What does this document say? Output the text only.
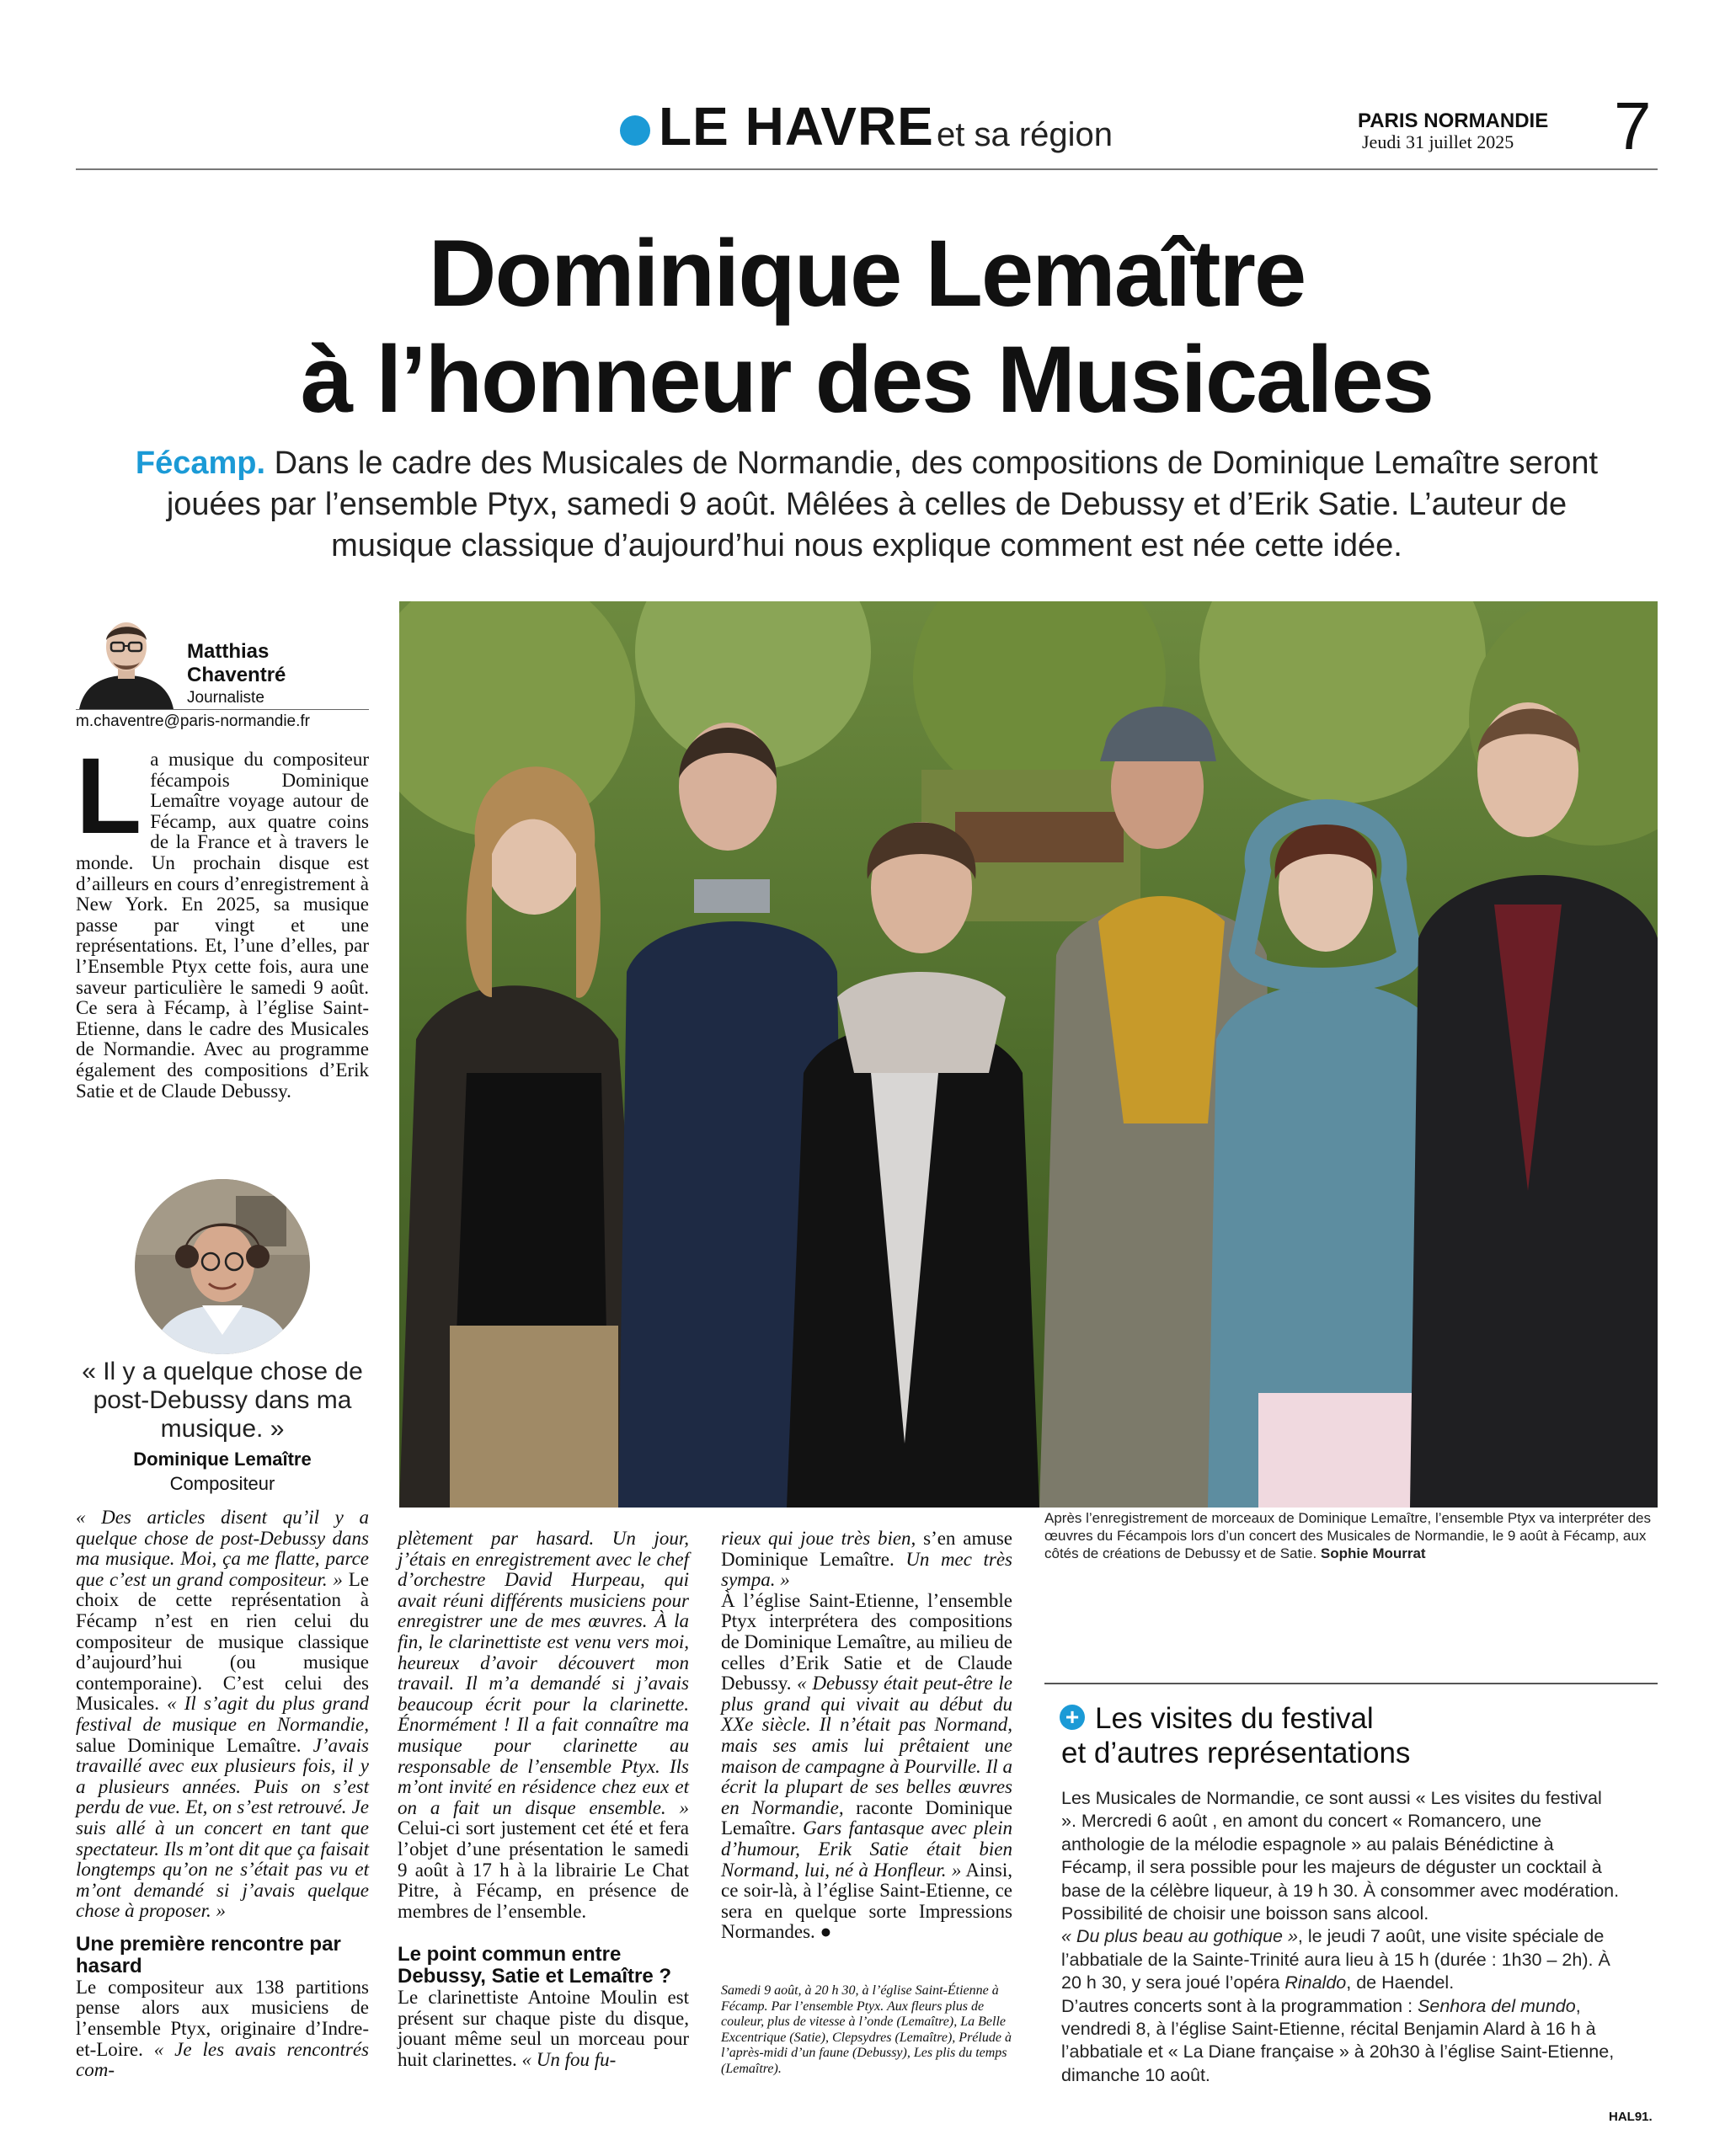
LE HAVRE et sa région	PARIS NORMANDIE
Jeudi 31 juillet 2025 7
Dominique Lemaître
à l’honneur des Musicales
Fécamp. Dans le cadre des Musicales de Normandie, des compositions de Dominique Lemaître seront jouées par l’ensemble Ptyx, samedi 9 août. Mêlées à celles de Debussy et d’Erik Satie. L’auteur de musique classique d’aujourd’hui nous explique comment est née cette idée.
Matthias
Chaventré
Journaliste
m.chaventre@paris-normandie.fr
La musique du compositeur fécampois Dominique Lemaître voyage autour de Fécamp, aux quatre coins de la France et à travers le monde. Un prochain disque est d’ailleurs en cours d’enregistrement à New York. En 2025, sa musique passe par vingt et une représentations. Et, l’une d’elles, par l’Ensemble Ptyx cette fois, aura une saveur particulière le samedi 9 août. Ce sera à Fécamp, à l’église Saint-Etienne, dans le cadre des Musicales de Normandie. Avec au programme également des compositions d’Erik Satie et de Claude Debussy.
« Il y a quelque chose de post-Debussy dans ma musique. »
Dominique Lemaître
Compositeur

« Des articles disent qu’il y a quelque chose de post-Debussy dans ma musique. Moi, ça me flatte, parce que c’est un grand compositeur. » Le choix de cette représentation à Fécamp n’est en rien celui du compositeur de musique classique d’aujourd’hui (ou musique contemporaine). C’est celui des Musicales. « Il s’agit du plus grand festival de musique en Normandie, salue Dominique Lemaître. J’avais travaillé avec eux plusieurs fois, il y a plusieurs années. Puis on s’est perdu de vue. Et, on s’est retrouvé. Je suis allé à un concert en tant que spectateur. Ils m’ont dit que ça faisait longtemps qu’on ne s’était pas vu et m’ont demandé si j’avais quelque chose à proposer. »

Une première rencontre par hasard

Le compositeur aux 138 partitions pense alors aux musiciens de l’ensemble Ptyx, originaire d’Indre-et-Loire. « Je les avais rencontrés com-

plètement par hasard. Un jour, j’étais en enregistrement avec le chef d’orchestre David Hurpeau, qui avait réuni différents musiciens pour enregistrer une de mes œuvres. À la fin, le clarinettiste est venu vers moi, heureux d’avoir découvert mon travail. Il m’a demandé si j’avais beaucoup écrit pour la clarinette. Énormément ! Il a fait connaître ma musique pour clarinette au responsable de l’ensemble Ptyx. Ils m’ont invité en résidence chez eux et on a fait un disque ensemble. » Celui-ci sort justement cet été et fera l’objet d’une présentation le samedi 9 août à 17 h à la librairie Le Chat Pitre, à Fécamp, en présence de membres de l’ensemble.

Le point commun entre Debussy, Satie et Lemaître ?

Le clarinettiste Antoine Moulin est présent sur chaque piste du disque, jouant même seul un morceau pour huit clarinettes. « Un fou fu-

rieux qui joue très bien, s’en amuse Dominique Lemaître. Un mec très sympa. »

À l’église Saint-Etienne, l’ensemble Ptyx interprétera des compositions de Dominique Lemaître, au milieu de celles d’Erik Satie et de Claude Debussy. « Debussy était peut-être le plus grand qui vivait au début du XXe siècle. Il n’était pas Normand, mais ses amis lui prêtaient une maison de campagne à Pourville. Il a écrit la plupart de ses belles œuvres en Normandie, raconte Dominique Lemaître. Gars fantasque avec plein d’humour, Erik Satie était bien Normand, lui, né à Honfleur. » Ainsi, ce soir-là, à l’église Saint-Etienne, ce sera en quelque sorte Impressions Normandes. ●

Samedi 9 août, à 20 h 30, à l’église Saint-Étienne à Fécamp. Par l’ensemble Ptyx. Aux fleurs plus de couleur, plus de vitesse à l’onde (Lemaître), La Belle Excentrique (Satie), Clepsydres (Lemaître), Prélude à l’après-midi d’un faune (Debussy), Les plis du temps (Lemaître).
Après l’enregistrement de morceaux de Dominique Lemaître, l’ensemble Ptyx va interpréter des œuvres du Fécampois lors d’un concert des Musicales de Normandie, le 9 août à Fécamp, aux côtés de créations de Debussy et de Satie. Sophie Mourrat
+ Les visites du festival
et d’autres représentations

Les Musicales de Normandie, ce sont aussi « Les visites du festival ». Mercredi 6 août , en amont du concert « Romancero, une anthologie de la mélodie espagnole » au palais Bénédictine à Fécamp, il sera possible pour les majeurs de déguster un cocktail à base de la célèbre liqueur, à 19 h 30. À consommer avec modération. Possibilité de choisir une boisson sans alcool.

« Du plus beau au gothique », le jeudi 7 août, une visite spéciale de l’abbatiale de la Sainte-Trinité aura lieu à 15 h (durée : 1h30 – 2h). À 20 h 30, y sera joué l’opéra Rinaldo, de Haendel.

D’autres concerts sont à la programmation : Senhora del mundo, vendredi 8, à l’église Saint-Etienne, récital Benjamin Alard à 16 h à l’abbatiale et « La Diane française » à 20h30 à l’église Saint-Etienne, dimanche 10 août.

HAL91.
